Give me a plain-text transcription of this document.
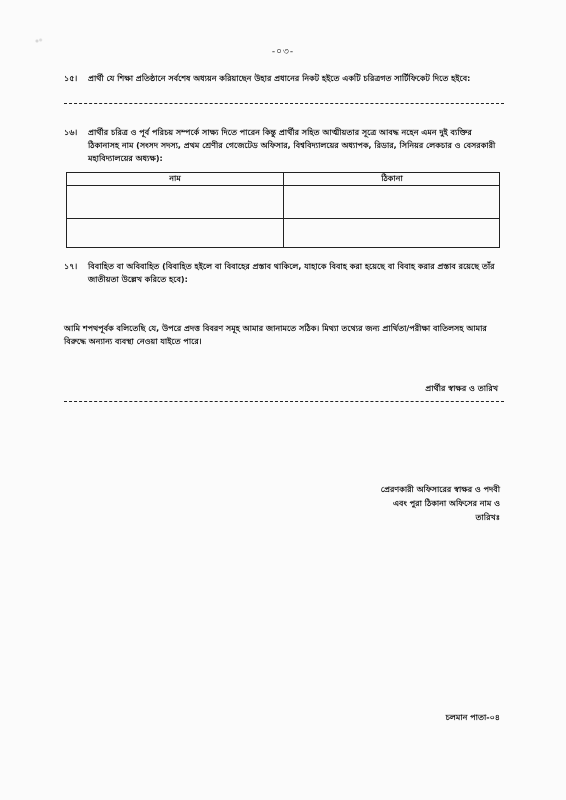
-০৩-
১৫।	প্রার্থী যে শিক্ষা প্রতিষ্ঠানে সর্বশেষ অধ্যয়ন করিয়াছেন উহার প্রধানের নিকট হইতে একটি চরিত্রগত সার্টিফিকেট দিতে হইবে:
১৬।	প্রার্থীর চরিত্র ও পূর্ব পরিচয় সম্পর্কে সাক্ষ্য দিতে পারেন কিন্তু প্রার্থীর সহিত আত্মীয়তার সূত্রে আবদ্ধ নহেন এমন দুই ব্যক্তির ঠিকানাসহ নাম (সংসদ সদস্য, প্রথম শ্রেণীর গেজেটেড অফিসার, বিশ্ববিদ্যালয়ের অধ্যাপক, রিডার, সিনিয়র লেকচার ও বেসরকারী মহাবিদ্যালয়ের অধ্যক্ষ):
নাম	ঠিকানা
১৭।	বিবাহিত বা অবিবাহিত (বিবাহিত হইলে বা বিবাহের প্রস্তাব থাকিলে, যাহাকে বিবাহ করা হয়েছে বা বিবাহ করার প্রস্তাব রয়েছে তাঁর জাতীয়তা উল্লেখ করিতে হবে):
আমি শপথপূর্বক বলিতেছি যে, উপরে প্রদত্ত বিবরণ সমূহ আমার জানামতে সঠিক। মিথ্যা তথ্যের জন্য প্রার্থিতা/পরীক্ষা বাতিলসহ আমার বিরুদ্ধে অন্যান্য ব্যবস্থা নেওয়া যাইতে পারে।
প্রার্থীর স্বাক্ষর ও তারিখ
প্রেরণকারী অফিসারের স্বাক্ষর ও পদবী
এবং পুরা ঠিকানা অফিসের নাম ও
তারিখঃ
চলমান পাতা-০৪
